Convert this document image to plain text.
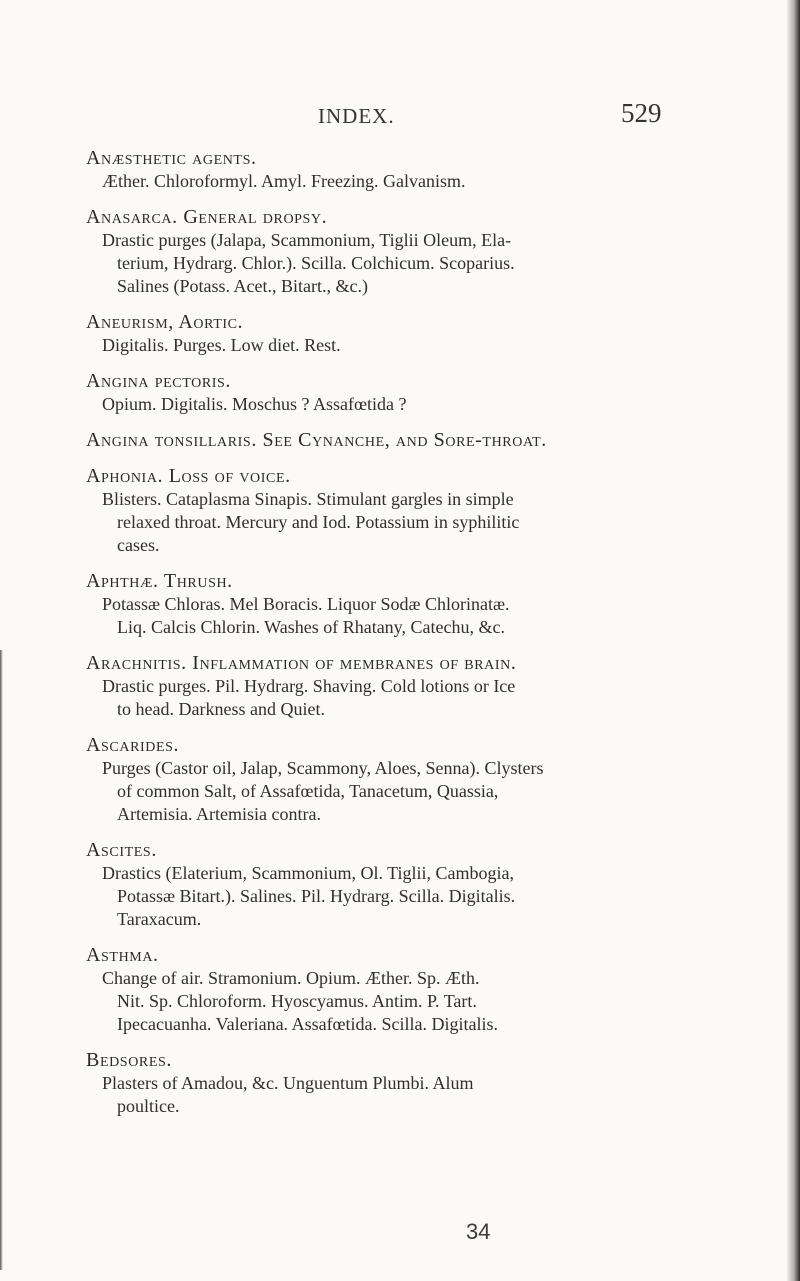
INDEX.	529
Anæsthetic agents.
Æther. Chloroformyl. Amyl. Freezing. Galvanism.
Anasarca. General dropsy.
Drastic purges (Jalapa, Scammonium, Tiglii Oleum, Ela-
terium, Hydrarg. Chlor.). Scilla. Colchicum. Scoparius.
Salines (Potass. Acet., Bitart., &c.)
Aneurism, Aortic.
Digitalis. Purges. Low diet. Rest.
Angina pectoris.
Opium. Digitalis. Moschus ? Assafœtida ?
Angina tonsillaris. See Cynanche, and Sore-throat.
Aphonia. Loss of voice.
Blisters. Cataplasma Sinapis. Stimulant gargles in simple
relaxed throat. Mercury and Iod. Potassium in syphilitic
cases.
Aphthæ. Thrush.
Potassæ Chloras. Mel Boracis. Liquor Sodæ Chlorinatæ.
Liq. Calcis Chlorin. Washes of Rhatany, Catechu, &c.
Arachnitis. Inflammation of membranes of brain.
Drastic purges. Pil. Hydrarg. Shaving. Cold lotions or Ice
to head. Darkness and Quiet.
Ascarides.
Purges (Castor oil, Jalap, Scammony, Aloes, Senna). Clysters
of common Salt, of Assafœtida, Tanacetum, Quassia,
Artemisia. Artemisia contra.
Ascites.
Drastics (Elaterium, Scammonium, Ol. Tiglii, Cambogia,
Potassæ Bitart.). Salines. Pil. Hydrarg. Scilla. Digitalis.
Taraxacum.
Asthma.
Change of air. Stramonium. Opium. Æther. Sp. Æth.
Nit. Sp. Chloroform. Hyoscyamus. Antim. P. Tart.
Ipecacuanha. Valeriana. Assafœtida. Scilla. Digitalis.
Bedsores.
Plasters of Amadou, &c. Unguentum Plumbi. Alum
poultice.
34
